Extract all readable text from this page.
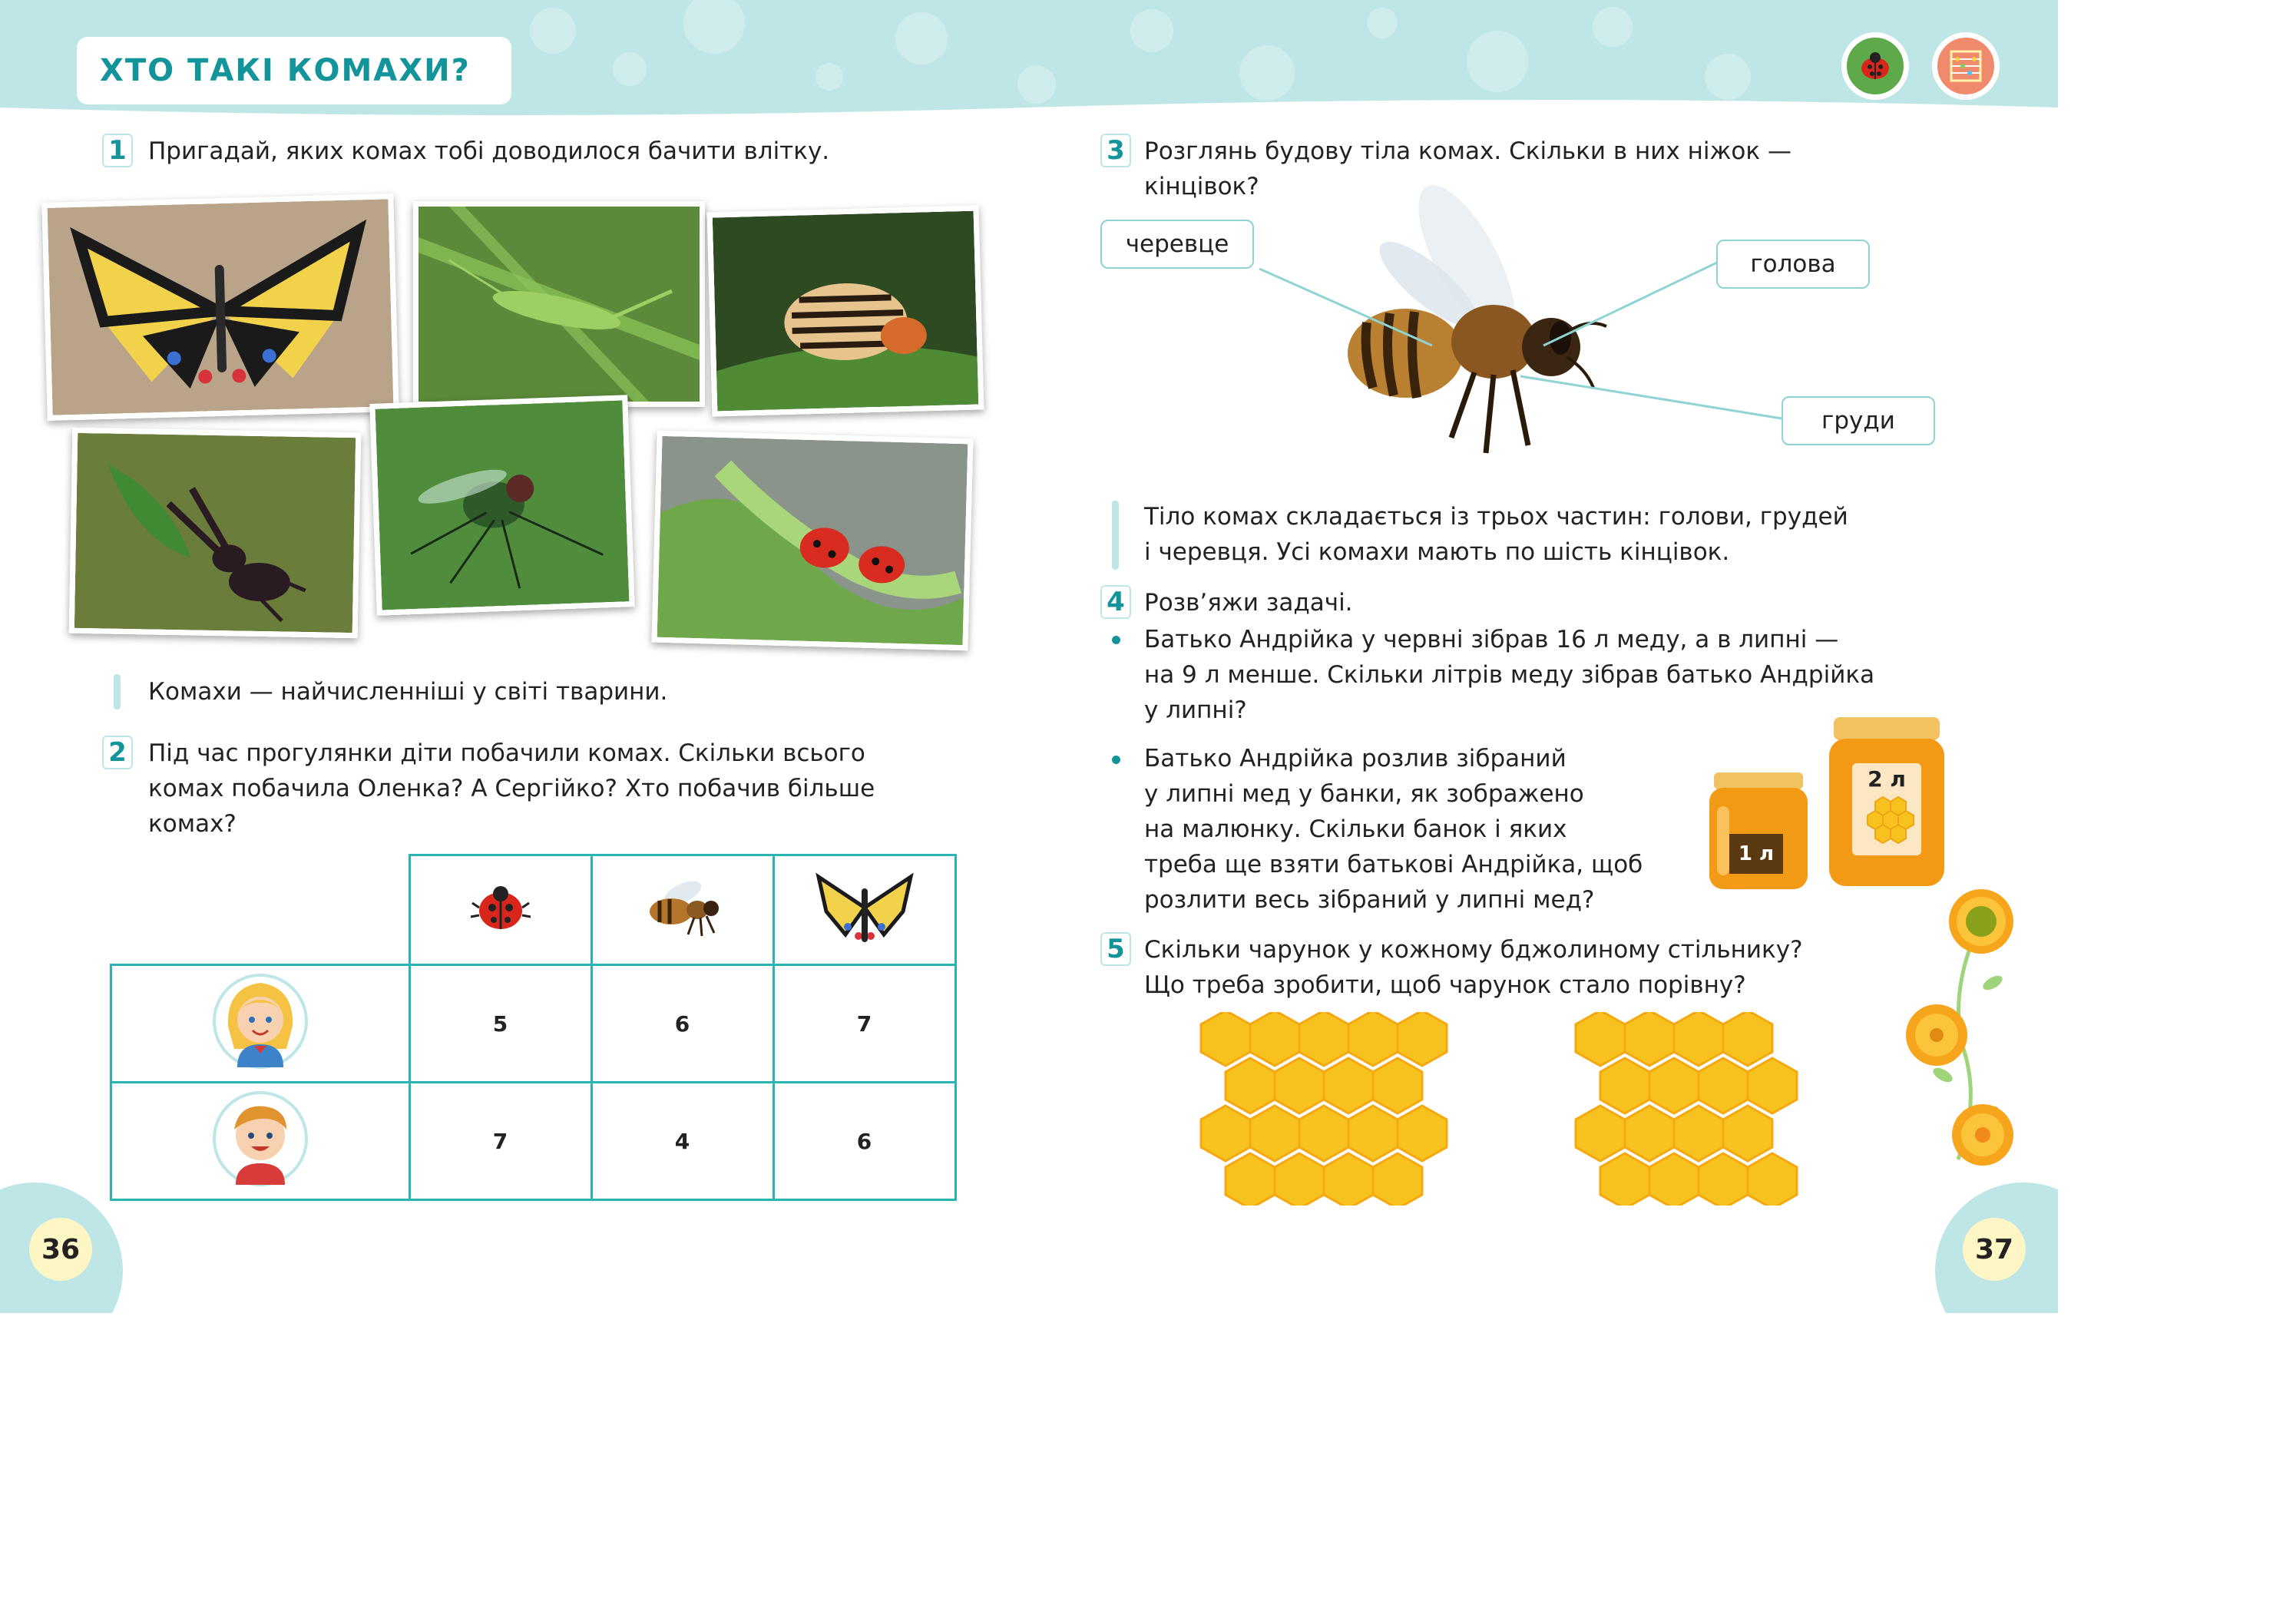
ХТО ТАКІ КОМАХИ?
1 Пригадай, яких комах тобі доводилося бачити влітку.
Комахи — найчисленніші у світі тварини.
2 Під час прогулянки діти побачили комах. Скільки всього
комах побачила Оленка? А Сергійко? Хто побачив більше
комах?

	5	6	7
	7	4	6
36
3 Розглянь будову тіла комах. Скільки в них ніжок —
кінцівок?
черевце
голова
груди
Тіло комах складається із трьох частин: голови, грудей
і черевця. Усі комахи мають по шість кінцівок.
4 Розв’яжи задачі.
Батько Андрійка у червні зібрав 16 л меду, а в липні —
на 9 л менше. Скільки літрів меду зібрав батько Андрійка
у липні?
Батько Андрійка розлив зібраний
у липні мед у банки, як зображено
на малюнку. Скільки банок і яких
треба ще взяти батькові Андрійка, щоб
розлити весь зібраний у липні мед?
1 л
2 л
5 Скільки чарунок у кожному бджолиному стільнику?
Що треба зробити, щоб чарунок стало порівну?
37
